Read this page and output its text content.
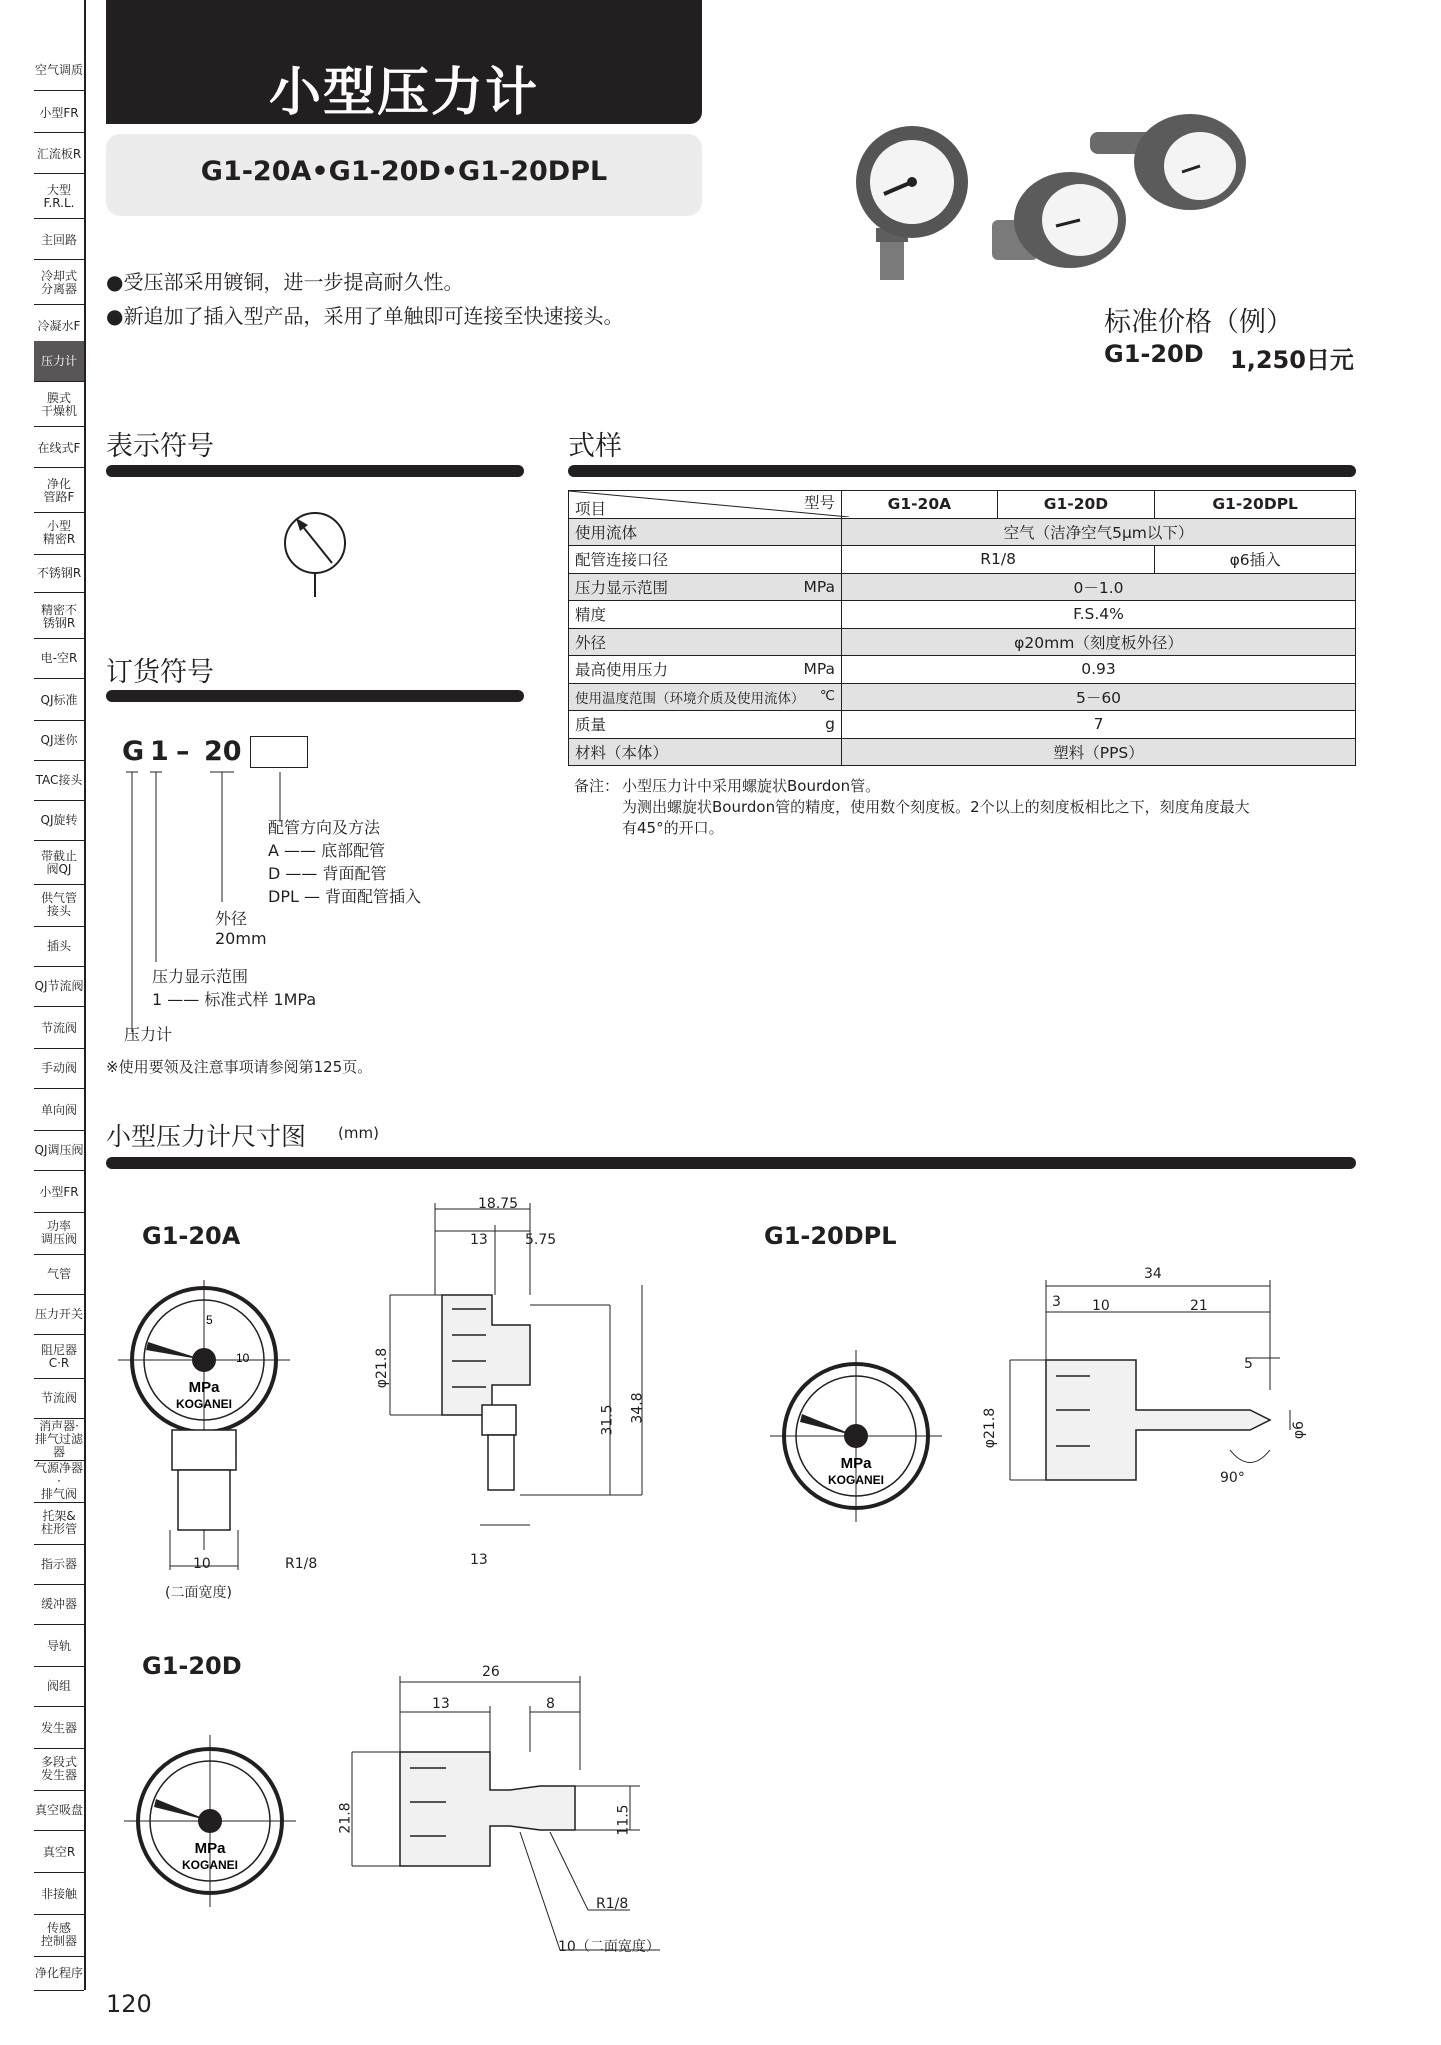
空气调质
小型FR
汇流板R
大型
F.R.L.
主回路
冷却式
分离器
冷凝水F
压力计
膜式
干燥机
在线式F
净化
管路F
小型
精密R
不锈钢R
精密不
锈钢R
电-空R
QJ标准
QJ迷你
TAC接头
QJ旋转
带截止
阀QJ
供气管
接头
插头
QJ节流阀
节流阀
手动阀
单向阀
QJ调压阀
小型FR
功率
调压阀
气管
压力开关
阻尼器
C·R
节流阀
消声器·
排气过滤器
气源净器·
排气阀
托架&
柱形管
指示器
缓冲器
导轨
阀组
发生器
多段式
发生器
真空吸盘
真空R
非接触
传感
控制器
净化程序
小型压力计
G1-20A•G1-20D•G1-20DPL
●受压部采用镀铜，进一步提高耐久性。
●新追加了插入型产品，采用了单触即可连接至快速接头。	标准价格（例）
G1-20D 1,250日元
表示符号
订货符号
G 1 – 20
配管方向及方法
A —— 底部配管
D —— 背面配管
DPL — 背面配管插入
外径
20mm
压力显示范围
1 —— 标准式样 1MPa
压力计
※使用要领及注意事项请参阅第125页。
式样
项目 型号	G1-20A	G1-20D	G1-20DPL
使用流体	空气（洁净空气5μm以下）		
配管连接口径	R1/8		φ6插入
压力显示范围 MPa	0－1.0		
精度	F.S.4%		
外径	φ20mm（刻度板外径）		
最高使用压力 MPa	0.93		
使用温度范围（环境介质及使用流体） ℃	5－60		
质量 g	7		
材料（本体）	塑料（PPS）		
备注： 小型压力计中采用螺旋状Bourdon管。
为测出螺旋状Bourdon管的精度，使用数个刻度板。2个以上的刻度板相比之下，刻度角度最大
有45°的开口。
小型压力计尺寸图 (mm)
G1-20A	G1-20DPL
G1-20D
MPa
KOGANEI
5
10
10
(二面宽度)
R1/8
18.75
13	5.75
φ21.8
31.5 34.8
13
MPa
KOGANEI
34
3 10	21
5
φ21.8	φ6
90°
MPa
KOGANEI
26
13	8
21.8	11.5
R1/8
10（二面宽度）
120
